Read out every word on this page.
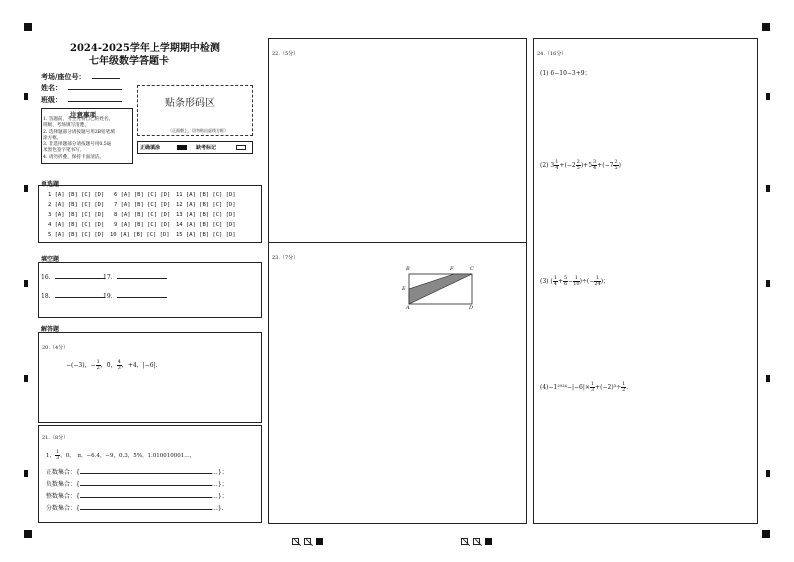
2024-2025学年上学期期中检测
七年级数学答题卡
考场/座位号：
姓名：
班级：	贴条形码区
（正面朝上，切勿贴出虚线方框）
注意事项
1. 答题前，考生先将自己的姓名、
班级、考场填写清楚。
2. 选择题部分请按题号用2B铅笔填
涂方框。
3. 非选择题部分请按题号用0.5毫
米黑色签字笔书写。
4. 请勿折叠，保持卡面清洁。
正确填涂	缺考标记
单选题
1 [A] [B] [C] [D] 6 [A] [B] [C] [D] 11 [A] [B] [C] [D]
2 [A] [B] [C] [D] 7 [A] [B] [C] [D] 12 [A] [B] [C] [D]
3 [A] [B] [C] [D] 8 [A] [B] [C] [D] 13 [A] [B] [C] [D]
4 [A] [B] [C] [D] 9 [A] [B] [C] [D] 14 [A] [B] [C] [D]
5 [A] [B] [C] [D] 10 [A] [B] [C] [D] 15 [A] [B] [C] [D]
填空题
16.	17.
18.	19.
解答题
20.（4分）
−(−3)，− $\frac{1}{2}$ ，0， $\frac{4}{3}$ ，+4，|−6|.
21.（8分）
1， $\frac{1}{3}$ ，0，　π，−6.4，−9，0.3，5%，1.010010001…，
正数集合：{	…}；
负数集合：{	…}；
整数集合：{	…}；
分数集合：{	…}.
22.（5分）
23.（7分）
B	F	C
E
A	D
24.（16分）
(1) 6−10−3+9；
(2) $3 \frac{1}{4} +(-2 \frac{2}{5} )+5 \frac{3}{4} +(-7 \frac{2}{5}$ )
(3) ( $\frac{1}{4} + \frac{5}{6} - \frac{1}{10}$ )÷(− $\frac{1}{24}$ )；
$(4)-1^{2024}-|-6|\times \frac{1}{3} +(-2)^3\div \frac{1}{2}$ .
